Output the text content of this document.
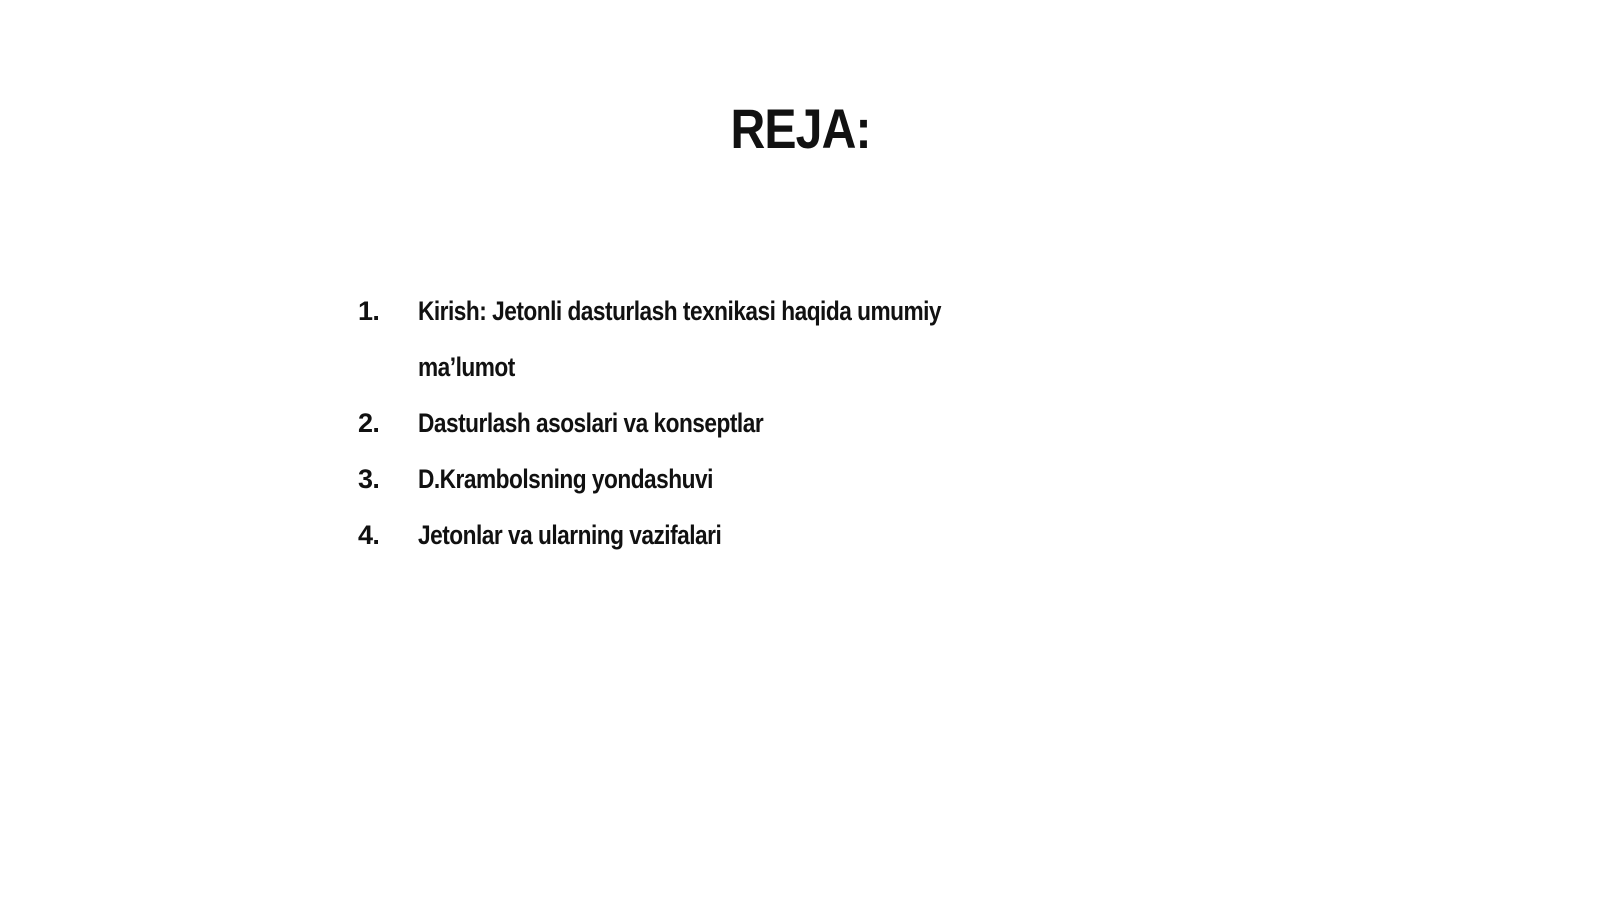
REJA:
1. Kirish: Jetonli dasturlash texnikasi haqida umumiy
ma’lumot
2. Dasturlash asoslari va konseptlar
3. D.Krambolsning yondashuvi
4. Jetonlar va ularning vazifalari
